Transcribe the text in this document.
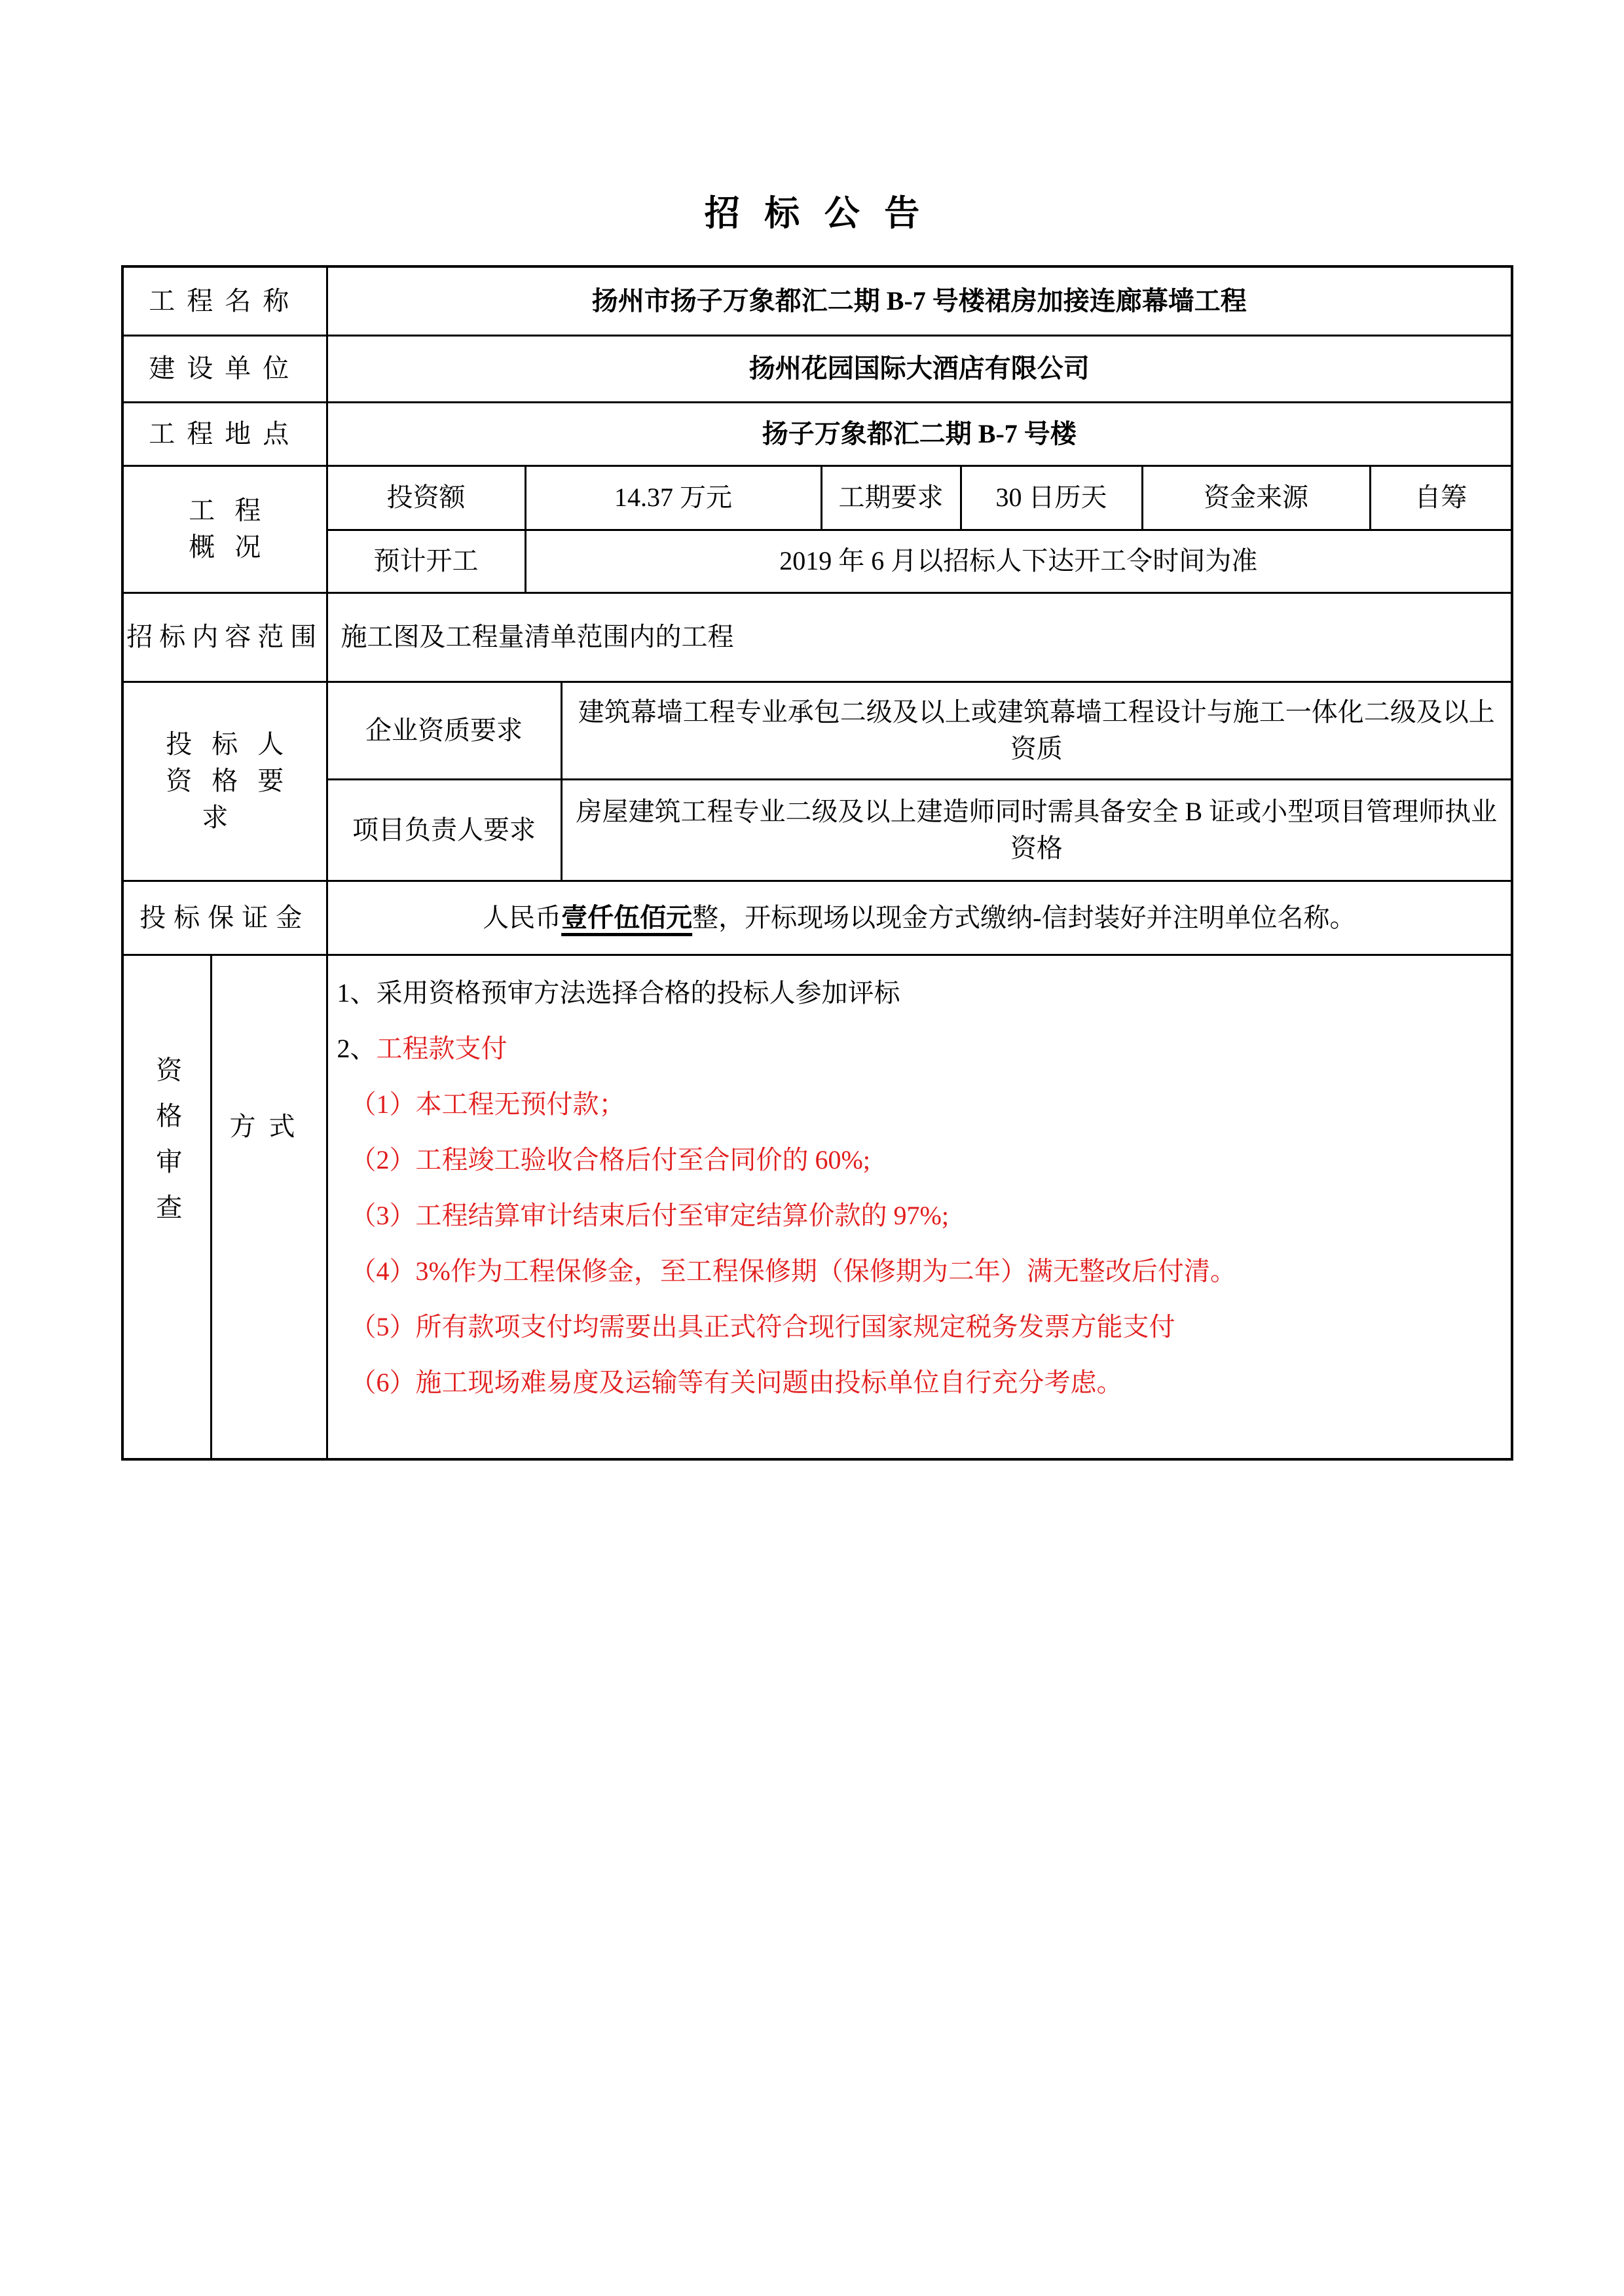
招 标 公 告
工程名称		扬州市扬子万象都汇二期 B-7 号楼裙房加接连廊幕墙工程						
建设单位		扬州花园国际大酒店有限公司						
工程地点		扬子万象都汇二期 B-7 号楼						

工程
概况		投资额	14.37 万元		工期要求	30 日历天	资金来源	自筹
		预计开工	2019 年 6 月以招标人下达开工令时间为准					
招标内容范围		施工图及工程量清单范围内的工程						

投标人
资格要求		企业资质要求		建筑幕墙工程专业承包二级及以上或建筑幕墙工程设计与施工一体化二级及以上资质				
		项目负责人要求		房屋建筑工程专业二级及以上建造师同时需具备安全 B 证或小型项目管理师执业资格				
投标保证金		人民币壹仟伍佰元整，开标现场以现金方式缴纳-信封装好并注明单位名称。						

资格审查	方式	
1、采用资格预审方法选择合格的投标人参加评标
2、工程款支付
（1）本工程无预付款；
（2）工程竣工验收合格后付至合同价的 60%;
（3）工程结算审计结束后付至审定结算价款的 97%;
（4）3%作为工程保修金，至工程保修期（保修期为二年）满无整改后付清。
（5）所有款项支付均需要出具正式符合现行国家规定税务发票方能支付
（6）施工现场难易度及运输等有关问题由投标单位自行充分考虑。
